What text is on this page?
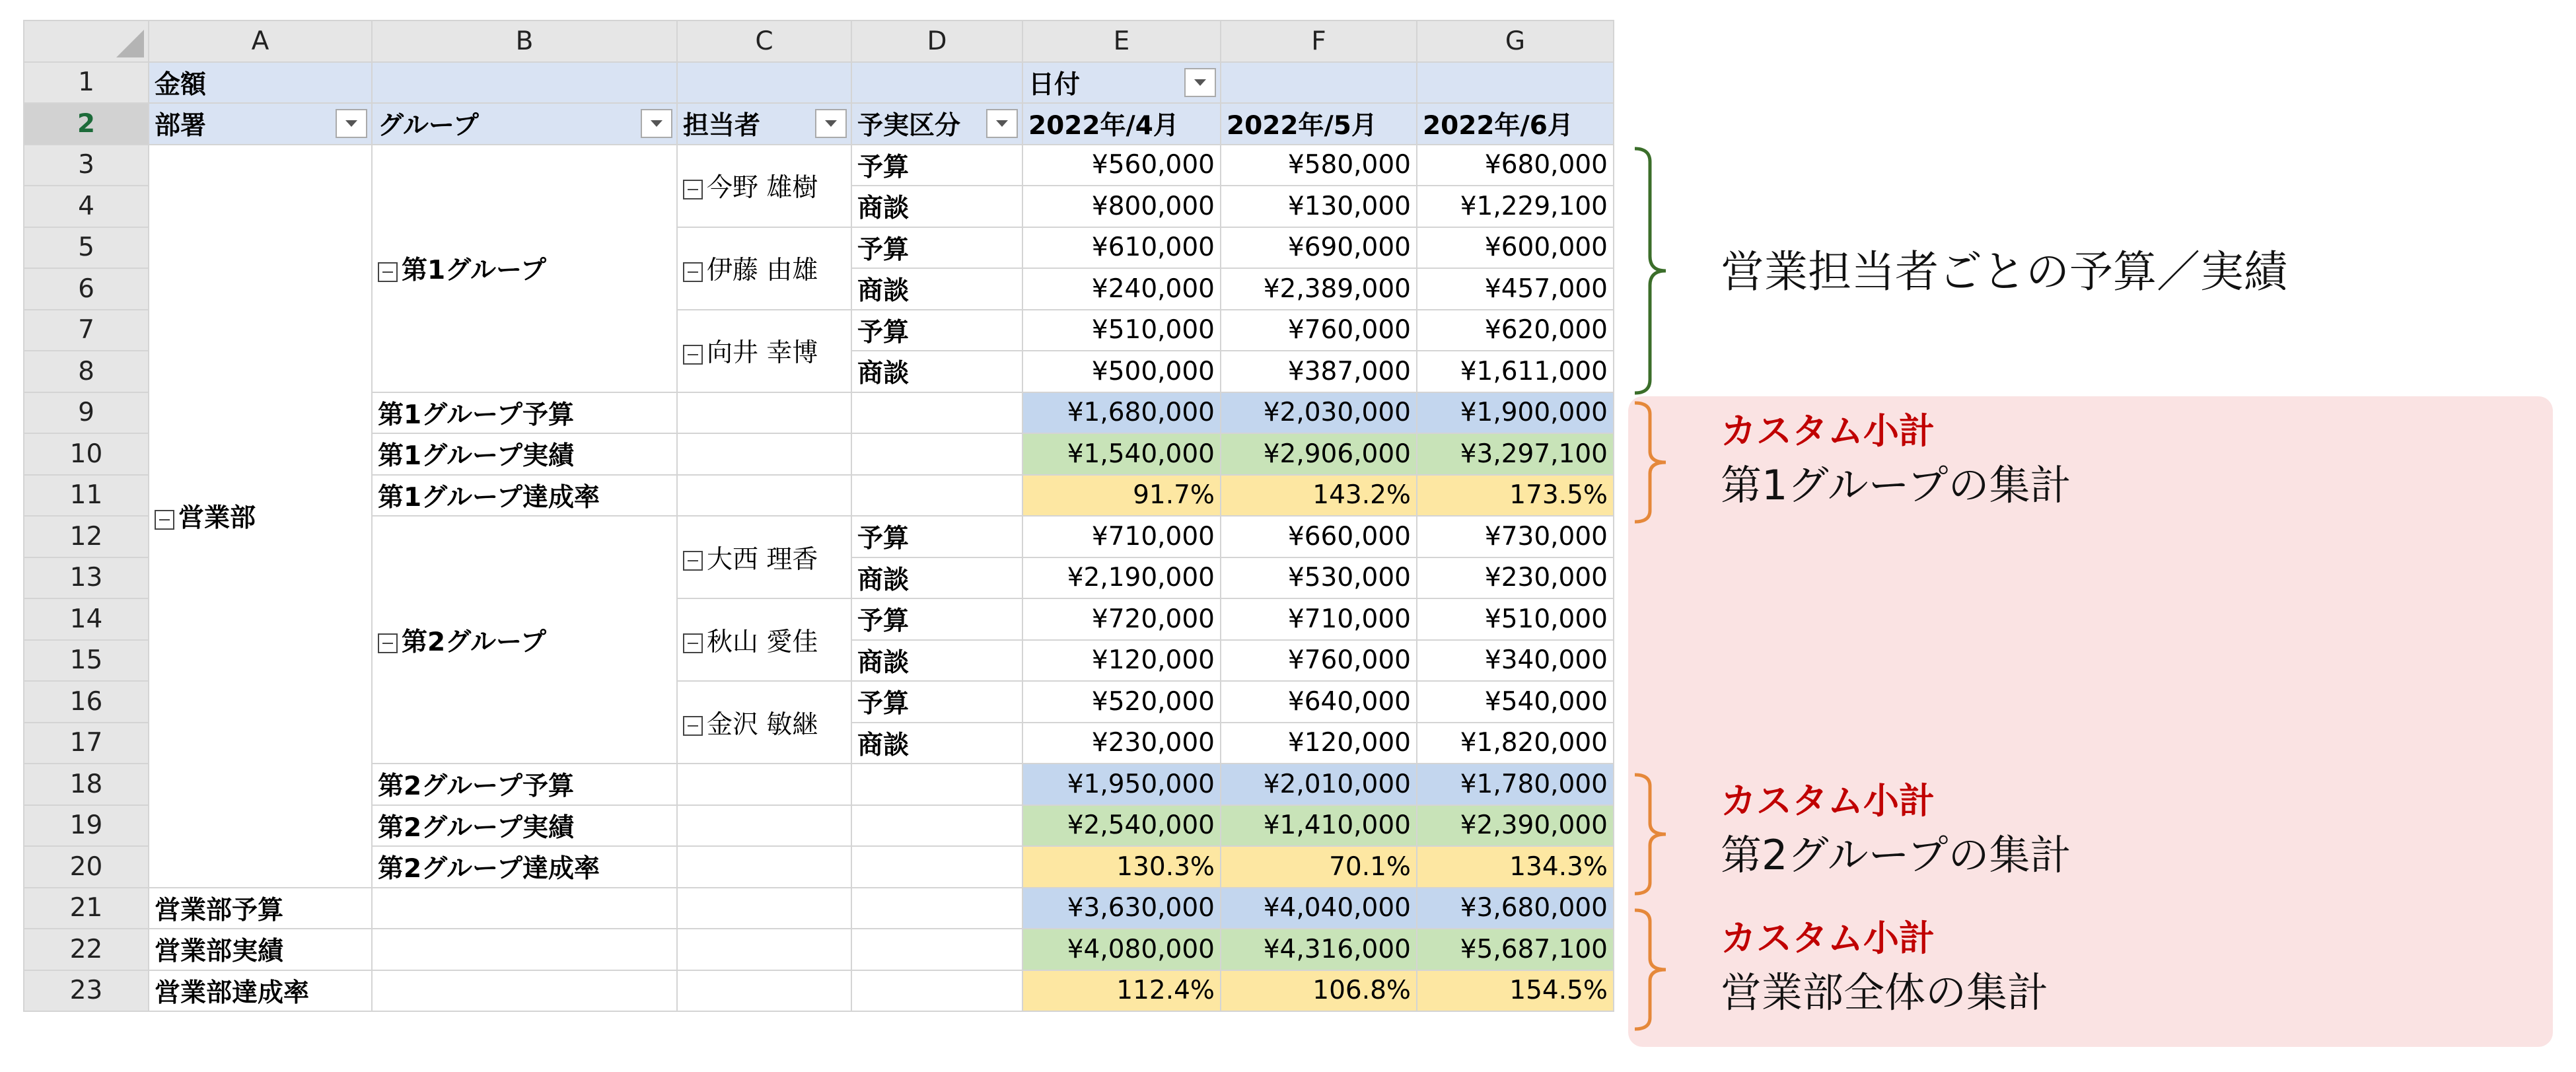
	A	B	C	D	E	F	G
1	金額				日付

2	部署	グループ	担当者	予実区分	2022年/4月	2022年/5月	2022年/6月
3	営業部	第1グループ	今野 雄樹	予算	¥560,000	¥580,000	¥680,000
4				商談	¥800,000	¥130,000	¥1,229,100
5			伊藤 由雄	予算	¥610,000	¥690,000	¥600,000
6				商談	¥240,000	¥2,389,000	¥457,000
7			向井 幸博	予算	¥510,000	¥760,000	¥620,000
8				商談	¥500,000	¥387,000	¥1,611,000
9		第1グループ予算			¥1,680,000	¥2,030,000	¥1,900,000
10		第1グループ実績			¥1,540,000	¥2,906,000	¥3,297,100
11		第1グループ達成率			91.7%	143.2%	173.5%
12		第2グループ	大西 理香	予算	¥710,000	¥660,000	¥730,000
13				商談	¥2,190,000	¥530,000	¥230,000
14			秋山 愛佳	予算	¥720,000	¥710,000	¥510,000
15				商談	¥120,000	¥760,000	¥340,000
16			金沢 敏継	予算	¥520,000	¥640,000	¥540,000
17				商談	¥230,000	¥120,000	¥1,820,000
18		第2グループ予算			¥1,950,000	¥2,010,000	¥1,780,000
19		第2グループ実績			¥2,540,000	¥1,410,000	¥2,390,000
20		第2グループ達成率			130.3%	70.1%	134.3%
21	営業部予算				¥3,630,000	¥4,040,000	¥3,680,000
22	営業部実績				¥4,080,000	¥4,316,000	¥5,687,100
23	営業部達成率				112.4%	106.8%	154.5%
営業担当者ごとの予算／実績
カスタム小計
第1グループの集計
カスタム小計
第2グループの集計
カスタム小計
営業部全体の集計
